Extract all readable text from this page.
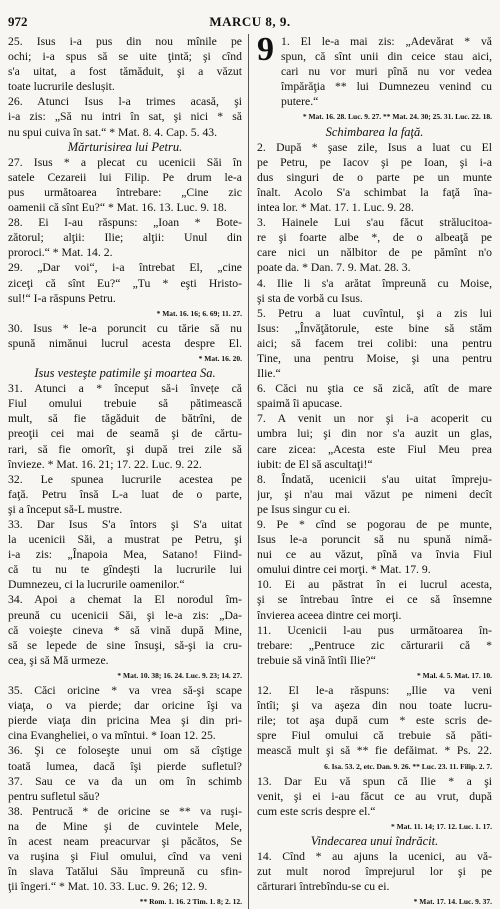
972	MARCU 8, 9.
25. Isus i-a pus din nou mînile pe
ochi; i-a spus să se uite ţintă; şi cînd
s'a uitat, a fost tămăduit, şi a văzut
toate lucrurile deslușit.
26. Atunci Isus l-a trimes acasă, şi
i-a zis: „Să nu intri în sat, şi nici * să
nu spui cuiva în sat.“ * Mat. 8. 4. Cap. 5. 43.
Mărturisirea lui Petru.
27. Isus * a plecat cu ucenicii Săi în
satele Cezareii lui Filip. Pe drum le-a
pus următoarea întrebare: „Cine zic
oamenii că sînt Eu?“ * Mat. 16. 13. Luc. 9. 18.
28. Ei I-au răspuns: „Ioan * Bote-
zătorul; alţii: Ilie; alţii: Unul din
proroci.“ * Mat. 14. 2.
29. „Dar voi“, i-a întrebat El, „cine
ziceţi că sînt Eu?“ „Tu * eşti Hristo-
sul!“ I-a răspuns Petru.
* Mat. 16. 16; 6. 69; 11. 27.
30. Isus * le-a poruncit cu tărie să nu
spună nimănui lucrul acesta despre El.
* Mat. 16. 20.
Isus vesteşte patimile şi moartea Sa.
31. Atunci a * început să-i învețe că
Fiul omului trebuie să pătimească
mult, să fie tăgăduit de bătrîni, de
preoţii cei mai de seamă şi de cărtu-
rari, să fie omorît, şi după trei zile să
învieze. * Mat. 16. 21; 17. 22. Luc. 9. 22.
32. Le spunea lucrurile acestea pe
faţă. Petru însă L-a luat de o parte,
şi a început să-L mustre.
33. Dar Isus S'a întors şi S'a uitat
la ucenicii Săi, a mustrat pe Petru, şi
i-a zis: „Înapoia Mea, Satano! Fiind-
că tu nu te gîndeşti la lucrurile lui
Dumnezeu, ci la lucrurile oamenilor.“
34. Apoi a chemat la El norodul îm-
preună cu ucenicii Săi, şi le-a zis: „Da-
că voieşte cineva * să vină după Mine,
să se lepede de sine însuşi, să-şi ia cru-
cea, şi să Mă urmeze.
* Mat. 10. 38; 16. 24. Luc. 9. 23; 14. 27.
35. Căci oricine * va vrea să-şi scape
viaţa, o va pierde; dar oricine îşi va
pierde viaţa din pricina Mea şi din pri-
cina Evangheliei, o va mîntui. * Ioan 12. 25.
36. Şi ce foloseşte unui om să cîştige
toată lumea, dacă îşi pierde sufletul?
37. Sau ce va da un om în schimb
pentru sufletul său?
38. Pentrucă * de oricine se ** va ruşi-
na de Mine şi de cuvintele Mele,
în acest neam preacurvar şi păcătos, Se
va ruşina şi Fiul omului, cînd va veni
în slava Tatălui Său împreună cu sfin-
ţii îngeri.“ * Mat. 10. 33. Luc. 9. 26; 12. 9.
** Rom. 1. 16. 2 Tim. 1. 8; 2. 12.
9 1. El le-a mai zis: „Adevărat * vă
spun, că sînt unii din ceice stau aici,
cari nu vor muri pînă nu vor vedea
împărăţia ** lui Dumnezeu venind cu
putere.“
* Mat. 16. 28. Luc. 9. 27. ** Mat. 24. 30; 25. 31. Luc. 22. 18.
Schimbarea la faţă.
2. După * şase zile, Isus a luat cu El
pe Petru, pe Iacov şi pe Ioan, şi i-a
dus singuri de o parte pe un munte
înalt. Acolo S'a schimbat la faţă îna-
intea lor. * Mat. 17. 1. Luc. 9. 28.
3. Hainele Lui s'au făcut strălucitoa-
re şi foarte albe *, de o albeaţă pe
care nici un nălbitor de pe pămînt n'o
poate da. * Dan. 7. 9. Mat. 28. 3.
4. Ilie li s'a arătat împreună cu Moise,
şi sta de vorbă cu Isus.
5. Petru a luat cuvîntul, şi a zis lui
Isus: „Învăţătorule, este bine să stăm
aici; să facem trei colibi: una pentru
Tine, una pentru Moise, şi una pentru
Ilie.“
6. Căci nu ştia ce să zică, atît de mare
spaimă îi apucase.
7. A venit un nor şi i-a acoperit cu
umbra lui; şi din nor s'a auzit un glas,
care zicea: „Acesta este Fiul Meu prea
iubit: de El să ascultaţi!“
8. Îndată, ucenicii s'au uitat împreju-
jur, şi n'au mai văzut pe nimeni decît
pe Isus singur cu ei.
9. Pe * cînd se pogorau de pe munte,
Isus le-a poruncit să nu spună nimă-
nui ce au văzut, pînă va învia Fiul
omului dintre cei morţi. * Mat. 17. 9.
10. Ei au păstrat în ei lucrul acesta,
şi se întrebau între ei ce să însemne
învierea aceea dintre cei morţi.
11. Ucenicii l-au pus următoarea în-
trebare: „Pentruce zic cărturarii că *
trebuie să vină întîi Ilie?“
* Mal. 4. 5. Mat. 17. 10.
12. El le-a răspuns: „Ilie va veni
întîi; şi va aşeza din nou toate lucru-
rile; tot aşa după cum * este scris de-
spre Fiul omului că trebuie să păti-
mească mult şi să ** fie defăimat. * Ps. 22.
6. Isa. 53. 2, etc. Dan. 9. 26. ** Luc. 23. 11. Filip. 2. 7.
13. Dar Eu vă spun că Ilie * a şi
venit, şi ei i-au făcut ce au vrut, după
cum este scris despre el.“
* Mat. 11. 14; 17. 12. Luc. 1. 17.
Vindecarea unui îndrăcit.
14. Cînd * au ajuns la ucenici, au vă-
zut mult norod împrejurul lor şi pe
cărturari întrebîndu-se cu ei.
* Mat. 17. 14. Luc. 9. 37.
